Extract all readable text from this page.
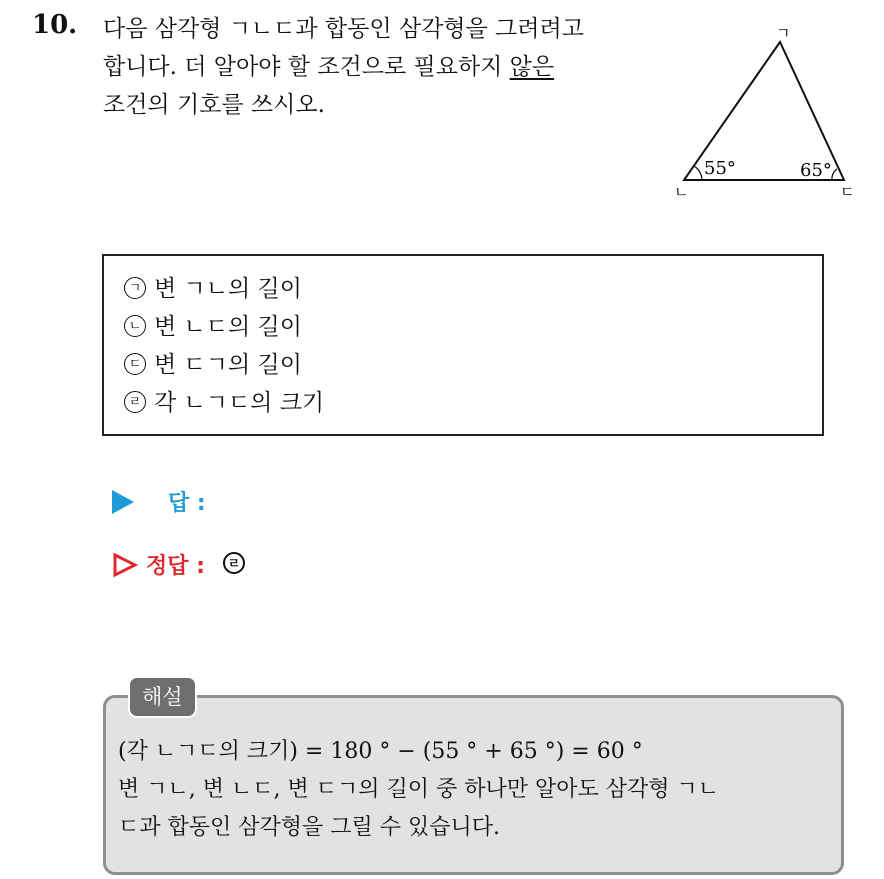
10. 다음 삼각형 ㄱㄴㄷ과 합동인 삼각형을 그려려고
합니다. 더 알아야 할 조건으로 필요하지 않은
조건의 기호를 쓰시오.
ㄱ
ㄴ	ㄷ
55°	65°
ㄱ 변 ㄱㄴ의 길이
ㄴ 변 ㄴㄷ의 길이
ㄷ 변 ㄷㄱ의 길이
ㄹ 각 ㄴㄱㄷ의 크기
답 :
정답 : ㄹ
해설
(각 ㄴㄱㄷ의 크기) = 180 ° − (55 ° + 65 °) = 60 °
변 ㄱㄴ, 변 ㄴㄷ, 변 ㄷㄱ의 길이 중 하나만 알아도 삼각형 ㄱㄴ
ㄷ과 합동인 삼각형을 그릴 수 있습니다.
